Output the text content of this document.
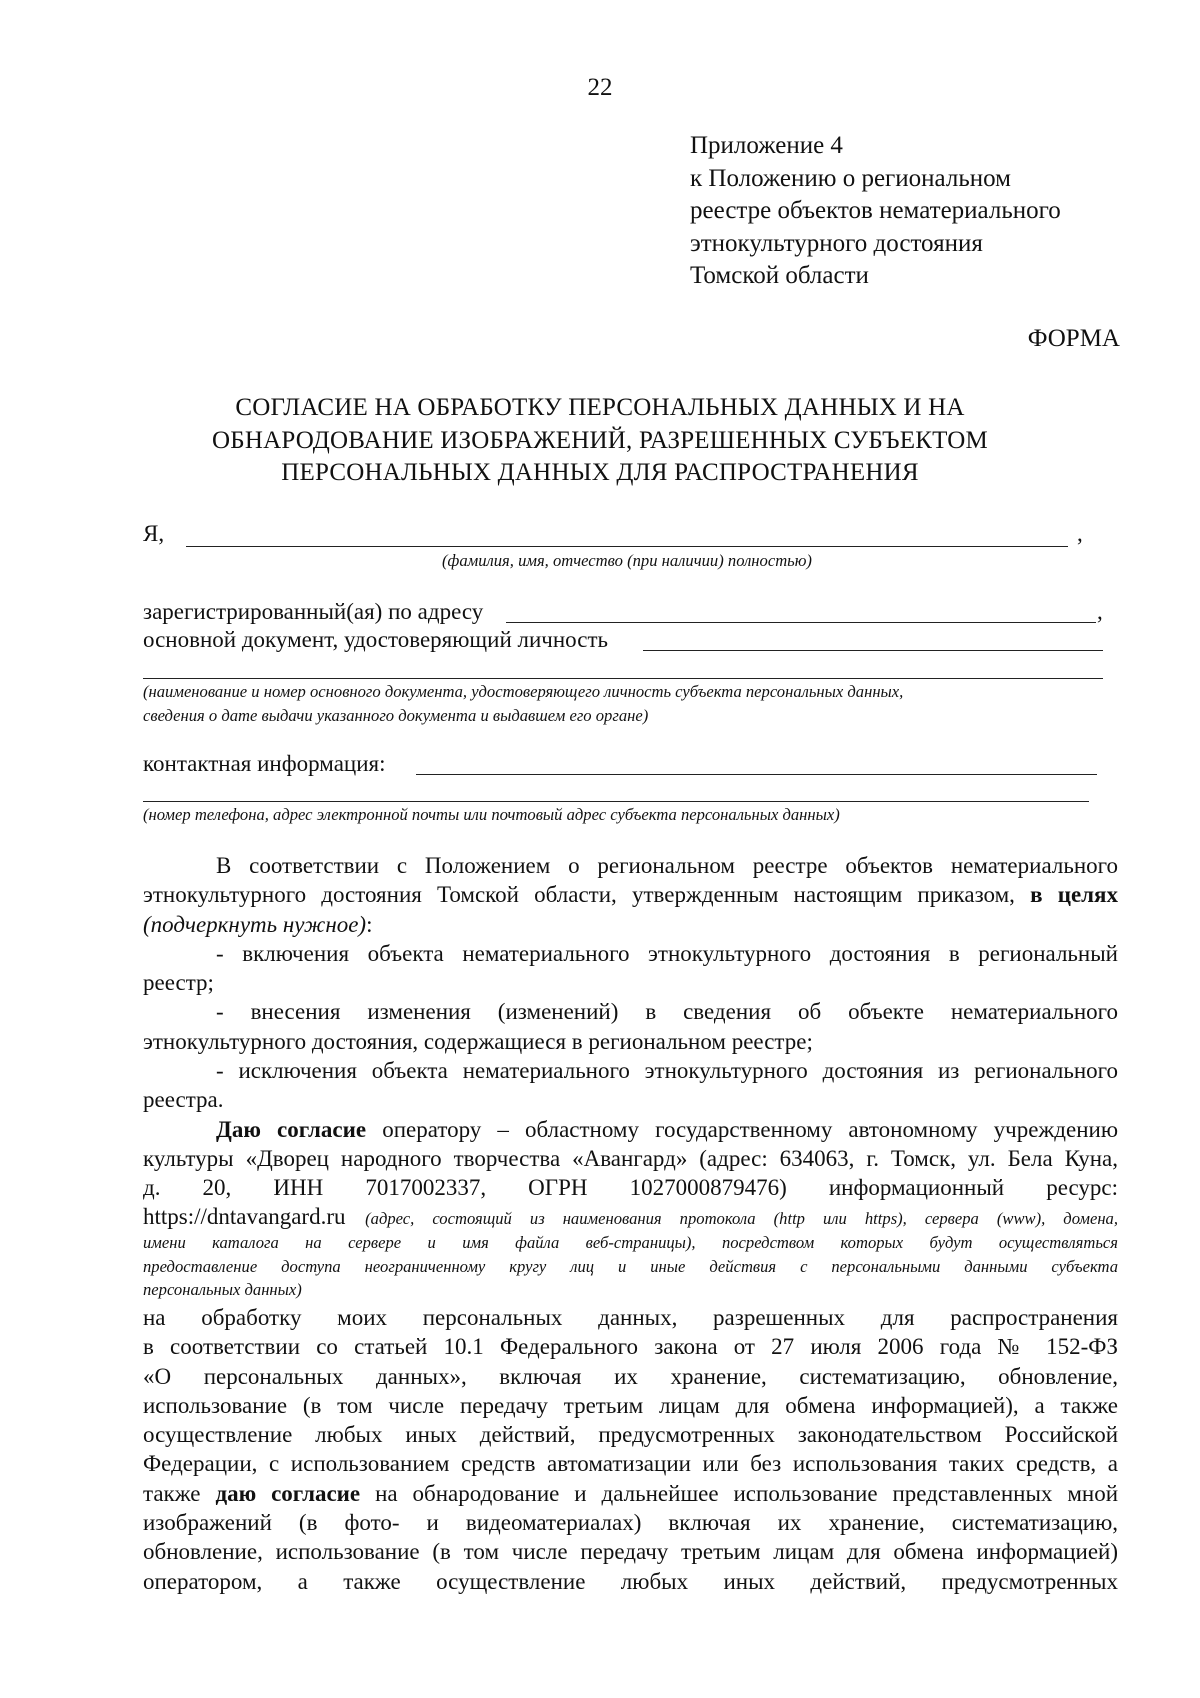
22
Приложение 4
к Положению о региональном
реестре объектов нематериального
этнокультурного достояния
Томской области
ФОРМА
СОГЛАСИЕ НА ОБРАБОТКУ ПЕРСОНАЛЬНЫХ ДАННЫХ И НА
ОБНАРОДОВАНИЕ ИЗОБРАЖЕНИЙ, РАЗРЕШЕННЫХ СУБЪЕКТОМ
ПЕРСОНАЛЬНЫХ ДАННЫХ ДЛЯ РАСПРОСТРАНЕНИЯ
Я,	,
(фамилия, имя, отчество (при наличии) полностью)
зарегистрированный(ая) по адресу	,
основной документ, удостоверяющий личность
(наименование и номер основного документа, удостоверяющего личность субъекта персональных данных,
сведения о дате выдачи указанного документа и выдавшем его органе)
контактная информация:
(номер телефона, адрес электронной почты или почтовый адрес субъекта персональных данных)
В соответствии с Положением о региональном реестре объектов нематериального
этнокультурного достояния Томской области, утвержденным настоящим приказом, в целях
(подчеркнуть нужное):
- включения объекта нематериального этнокультурного достояния в региональный
реестр;
- внесения изменения (изменений) в сведения об объекте нематериального
этнокультурного достояния, содержащиеся в региональном реестре;
- исключения объекта нематериального этнокультурного достояния из регионального
реестра.
Даю согласие оператору – областному государственному автономному учреждению
культуры «Дворец народного творчества «Авангард» (адрес: 634063, г. Томск, ул. Бела Куна,
д. 20, ИНН 7017002337, ОГРН 1027000879476) информационный ресурс:
https://dntavangard.ru (адрес, состоящий из наименования протокола (http или https), сервера (www), домена,
имени каталога на сервере и имя файла веб-страницы), посредством которых будут осуществляться
предоставление доступа неограниченному кругу лиц и иные действия с персональными данными субъекта
персональных данных)
на обработку моих персональных данных, разрешенных для распространения
в соответствии со статьей 10.1 Федерального закона от 27 июля 2006 года № 152-ФЗ
«О персональных данных», включая их хранение, систематизацию, обновление,
использование (в том числе передачу третьим лицам для обмена информацией), а также
осуществление любых иных действий, предусмотренных законодательством Российской
Федерации, с использованием средств автоматизации или без использования таких средств, а
также даю согласие на обнародование и дальнейшее использование представленных мной
изображений (в фото- и видеоматериалах) включая их хранение, систематизацию,
обновление, использование (в том числе передачу третьим лицам для обмена информацией)
оператором, а также осуществление любых иных действий, предусмотренных
